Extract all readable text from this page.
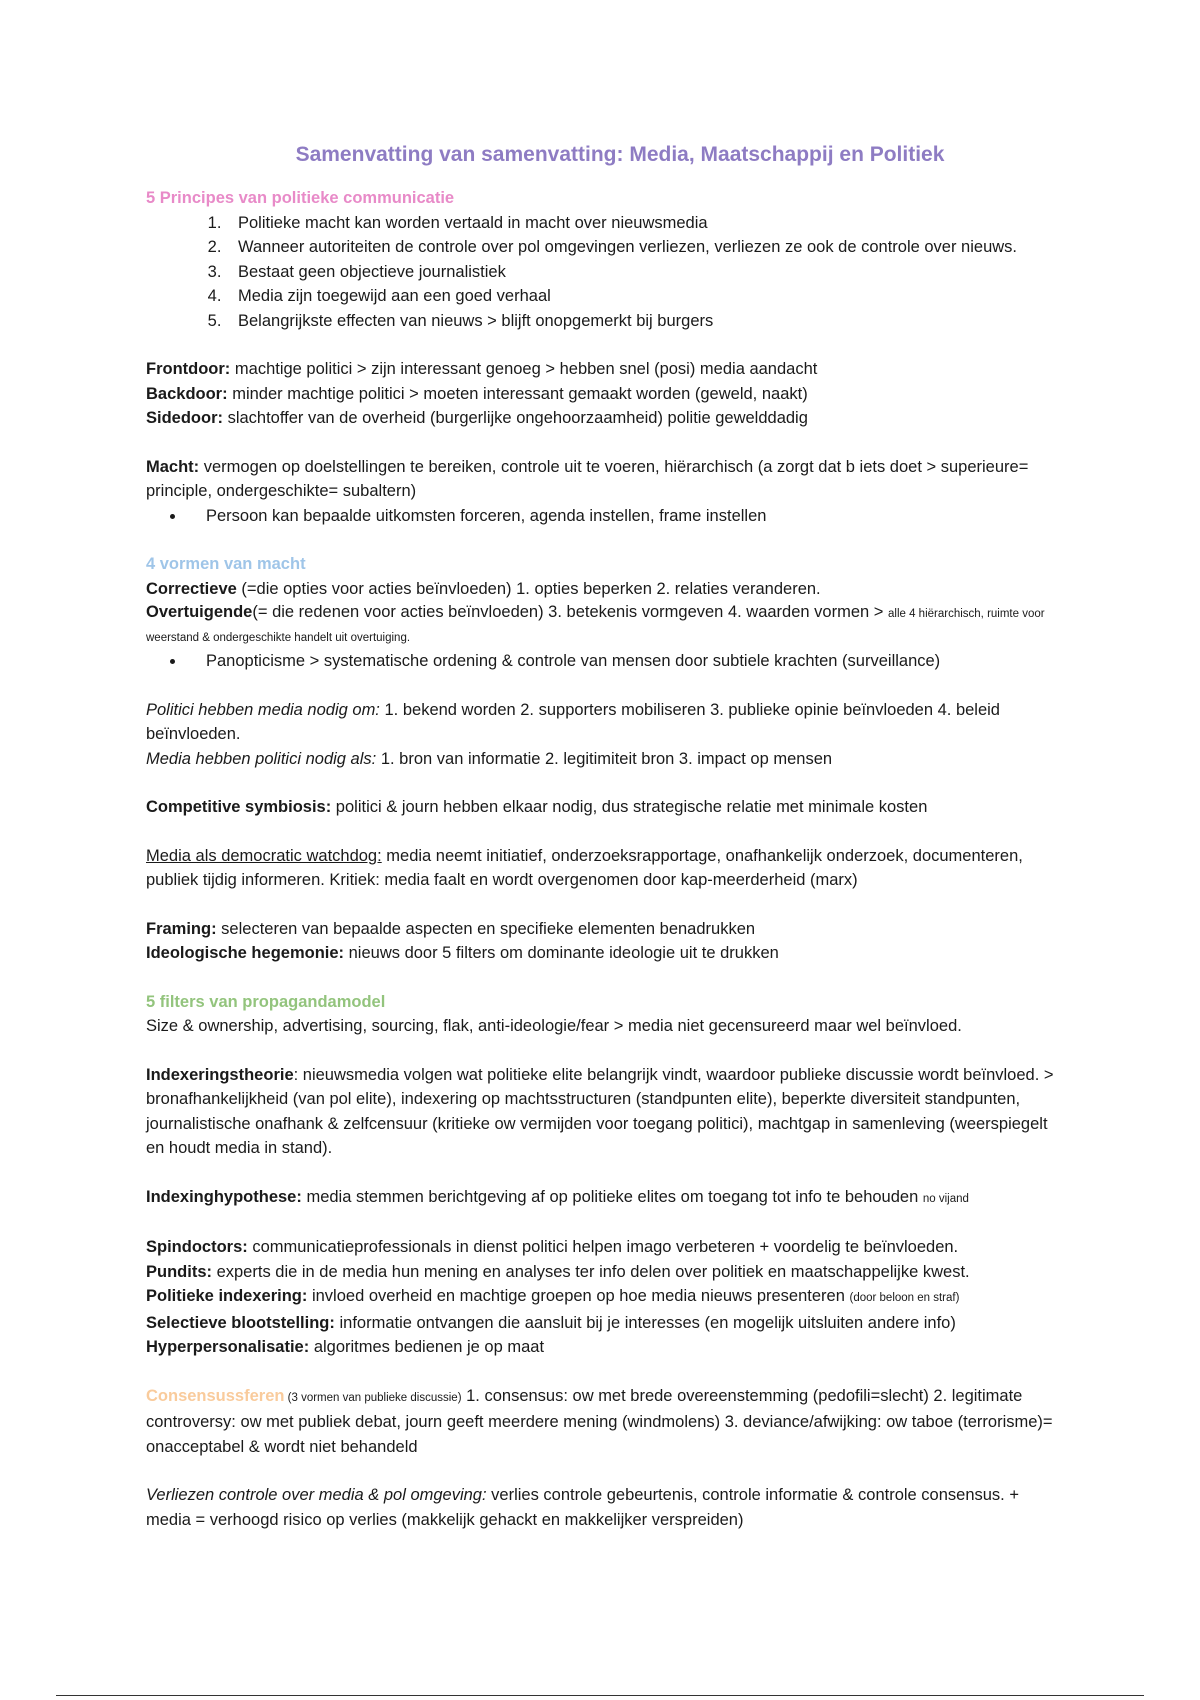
Samenvatting van samenvatting: Media, Maatschappij en Politiek
5 Principes van politieke communicatie
1. Politieke macht kan worden vertaald in macht over nieuwsmedia
2. Wanneer autoriteiten de controle over pol omgevingen verliezen, verliezen ze ook de controle over nieuws.
3. Bestaat geen objectieve journalistiek
4. Media zijn toegewijd aan een goed verhaal
5. Belangrijkste effecten van nieuws > blijft onopgemerkt bij burgers

Frontdoor: machtige politici > zijn interessant genoeg > hebben snel (posi) media aandacht

Backdoor: minder machtige politici > moeten interessant gemaakt worden (geweld, naakt)

Sidedoor: slachtoffer van de overheid (burgerlijke ongehoorzaamheid) politie gewelddadig

Macht: vermogen op doelstellingen te bereiken, controle uit te voeren, hiërarchisch (a zorgt dat b iets doet > superieure= principle, ondergeschikte= subaltern)

• Persoon kan bepaalde uitkomsten forceren, agenda instellen, frame instellen
4 vormen van macht

Correctieve (=die opties voor acties beïnvloeden) 1. opties beperken 2. relaties veranderen.

Overtuigende(= die redenen voor acties beïnvloeden) 3. betekenis vormgeven 4. waarden vormen > alle 4 hiërarchisch, ruimte voor weerstand & ondergeschikte handelt uit overtuiging.

• Panopticisme > systematische ordening & controle van mensen door subtiele krachten (surveillance)

Politici hebben media nodig om: 1. bekend worden 2. supporters mobiliseren 3. publieke opinie beïnvloeden 4. beleid beïnvloeden.

Media hebben politici nodig als: 1. bron van informatie 2. legitimiteit bron 3. impact op mensen

Competitive symbiosis: politici & journ hebben elkaar nodig, dus strategische relatie met minimale kosten

Media als democratic watchdog: media neemt initiatief, onderzoeksrapportage, onafhankelijk onderzoek, documenteren, publiek tijdig informeren. Kritiek: media faalt en wordt overgenomen door kap-meerderheid (marx)

Framing: selecteren van bepaalde aspecten en specifieke elementen benadrukken

Ideologische hegemonie: nieuws door 5 filters om dominante ideologie uit te drukken

5 filters van propagandamodel

Size & ownership, advertising, sourcing, flak, anti-ideologie/fear > media niet gecensureerd maar wel beïnvloed.

Indexeringstheorie: nieuwsmedia volgen wat politieke elite belangrijk vindt, waardoor publieke discussie wordt beïnvloed. > bronafhankelijkheid (van pol elite), indexering op machtsstructuren (standpunten elite), beperkte diversiteit standpunten, journalistische onafhank & zelfcensuur (kritieke ow vermijden voor toegang politici), machtgap in samenleving (weerspiegelt en houdt media in stand).

Indexinghypothese: media stemmen berichtgeving af op politieke elites om toegang tot info te behouden no vijand

Spindoctors: communicatieprofessionals in dienst politici helpen imago verbeteren + voordelig te beïnvloeden.

Pundits: experts die in de media hun mening en analyses ter info delen over politiek en maatschappelijke kwest.

Politieke indexering: invloed overheid en machtige groepen op hoe media nieuws presenteren (door beloon en straf)

Selectieve blootstelling: informatie ontvangen die aansluit bij je interesses (en mogelijk uitsluiten andere info)

Hyperpersonalisatie: algoritmes bedienen je op maat

Consensussferen (3 vormen van publieke discussie) 1. consensus: ow met brede overeenstemming (pedofili=slecht) 2. legitimate controversy: ow met publiek debat, journ geeft meerdere mening (windmolens) 3. deviance/afwijking: ow taboe (terrorisme)= onacceptabel & wordt niet behandeld

Verliezen controle over media & pol omgeving: verlies controle gebeurtenis, controle informatie & controle consensus. + media = verhoogd risico op verlies (makkelijk gehackt en makkelijker verspreiden)
